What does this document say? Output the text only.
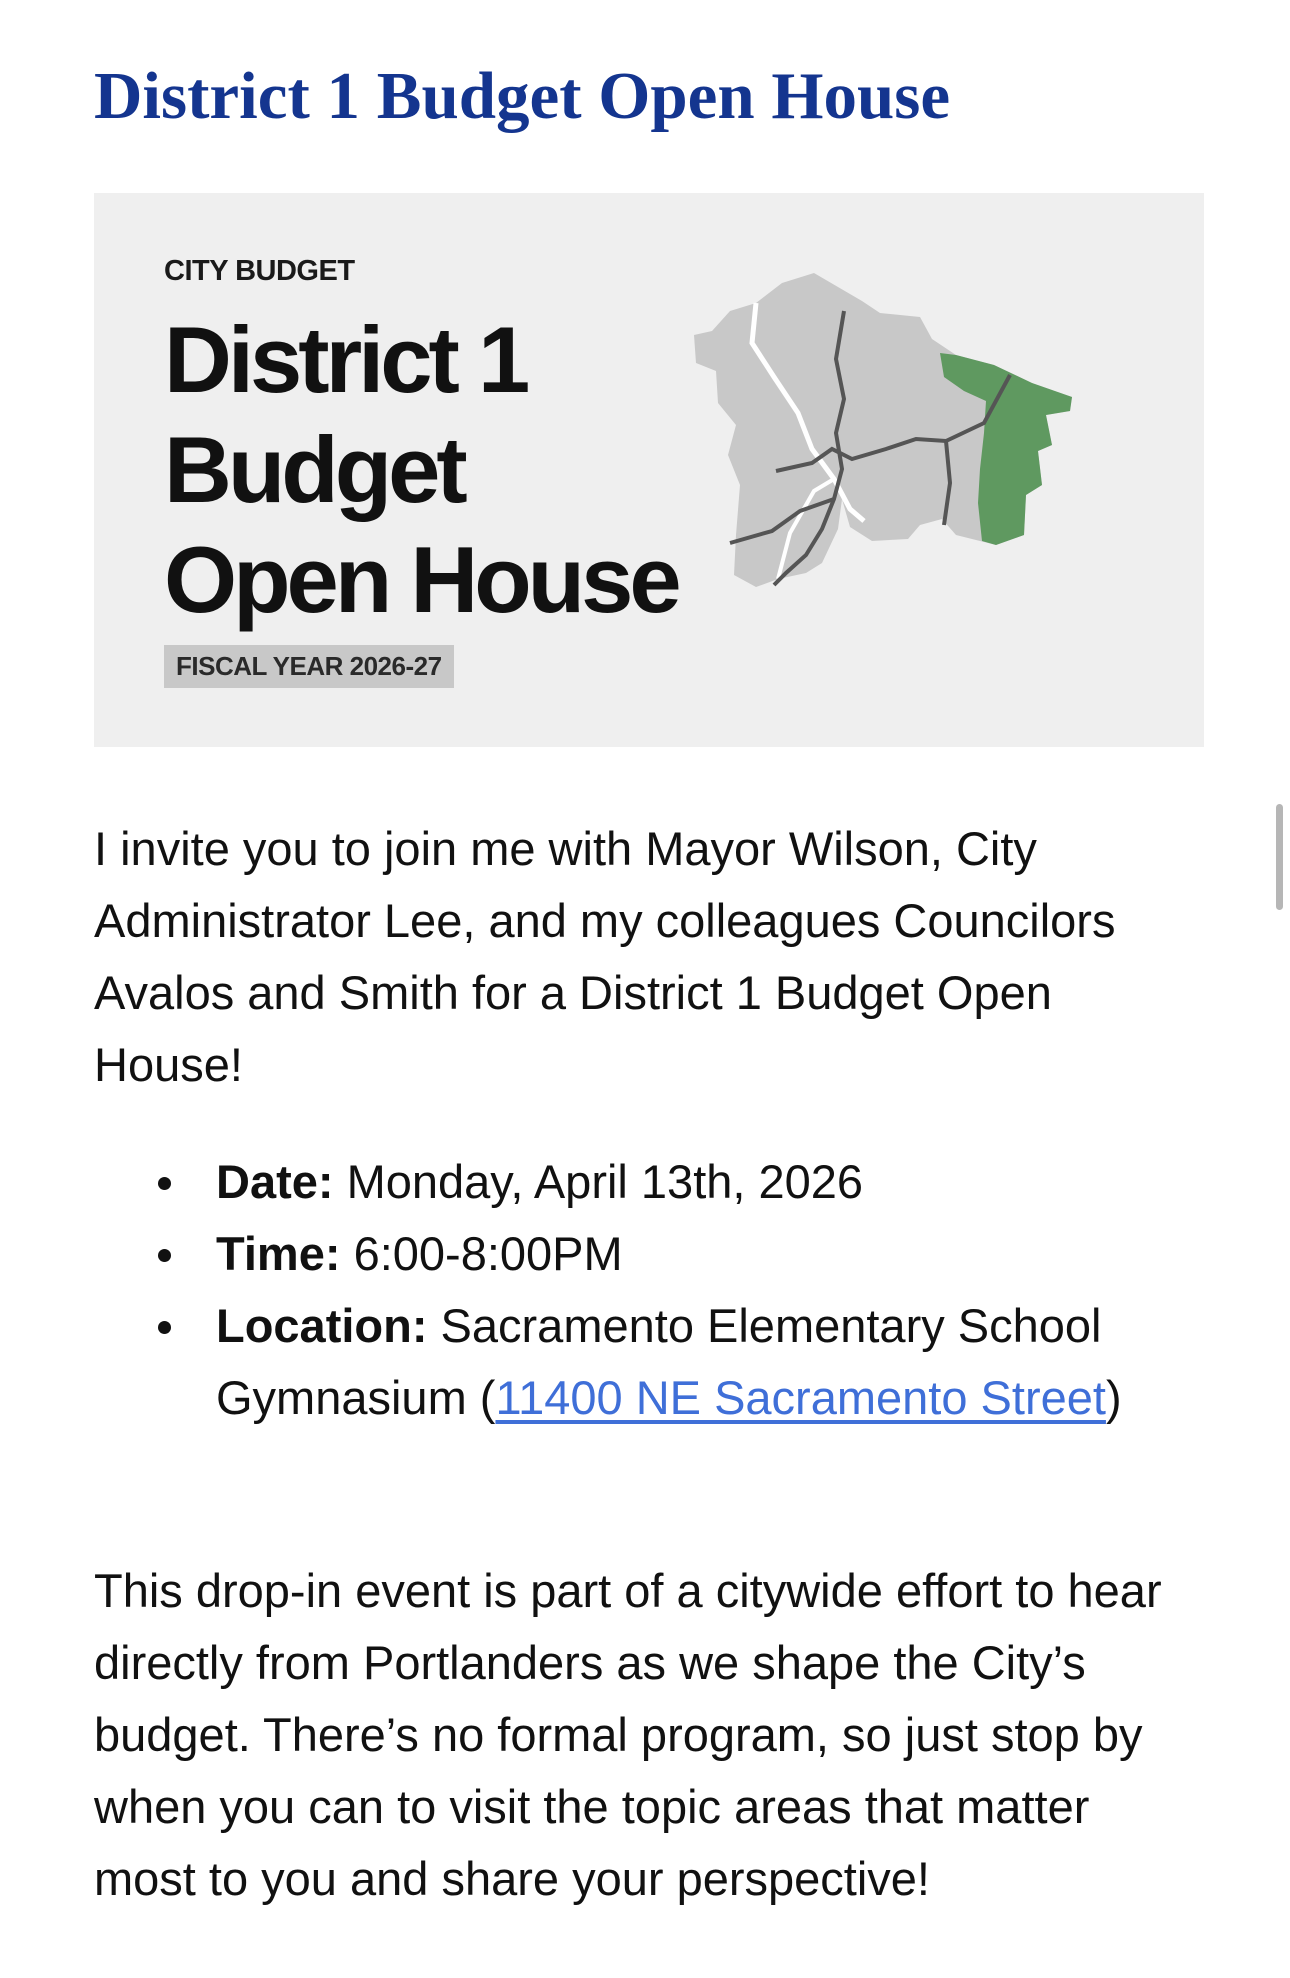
District 1 Budget Open House
CITY BUDGET
District 1
Budget
Open House
FISCAL YEAR 2026-27

I invite you to join me with Mayor Wilson, City Administrator Lee, and my colleagues Councilors Avalos and Smith for a District 1 Budget Open House!

Date: Monday, April 13th, 2026
Time: 6:00-8:00PM
Location: Sacramento Elementary School Gymnasium (11400 NE Sacramento Street)

This drop-in event is part of a citywide effort to hear directly from Portlanders as we shape the City’s budget. There’s no formal program, so just stop by when you can to visit the topic areas that matter most to you and share your perspective!
